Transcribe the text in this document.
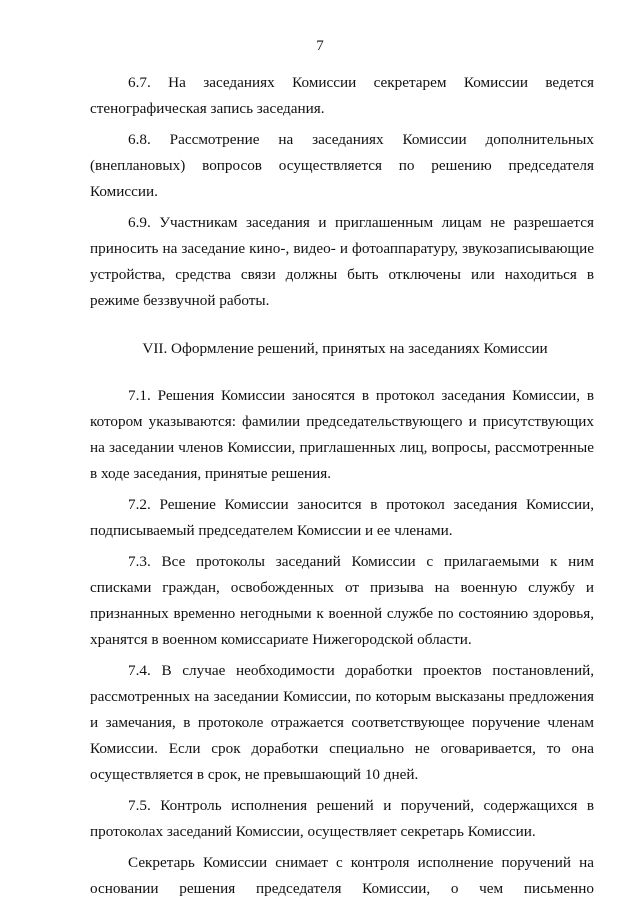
7

6.7. На заседаниях Комиссии секретарем Комиссии ведется стенографическая запись заседания.

6.8. Рассмотрение на заседаниях Комиссии дополнительных (внеплановых) вопросов осуществляется по решению председателя Комиссии.

6.9. Участникам заседания и приглашенным лицам не разрешается приносить на заседание кино-, видео- и фотоаппаратуру, звукозаписывающие устройства, средства связи должны быть отключены или находиться в режиме беззвучной работы.

VII. Оформление решений, принятых на заседаниях Комиссии

7.1. Решения Комиссии заносятся в протокол заседания Комиссии, в котором указываются: фамилии председательствующего и присутствующих на заседании членов Комиссии, приглашенных лиц, вопросы, рассмотренные в ходе заседания, принятые решения.

7.2. Решение Комиссии заносится в протокол заседания Комиссии, подписываемый председателем Комиссии и ее членами.

7.3. Все протоколы заседаний Комиссии с прилагаемыми к ним списками граждан, освобожденных от призыва на военную службу и признанных временно негодными к военной службе по состоянию здоровья, хранятся в военном комиссариате Нижегородской области.

7.4. В случае необходимости доработки проектов постановлений, рассмотренных на заседании Комиссии, по которым высказаны предложения и замечания, в протоколе отражается соответствующее поручение членам Комиссии. Если срок доработки специально не оговаривается, то она осуществляется в срок, не превышающий 10 дней.

7.5. Контроль исполнения решений и поручений, содержащихся в протоколах заседаний Комиссии, осуществляет секретарь Комиссии.

Секретарь Комиссии снимает с контроля исполнение поручений на основании решения председателя Комиссии, о чем письменно
